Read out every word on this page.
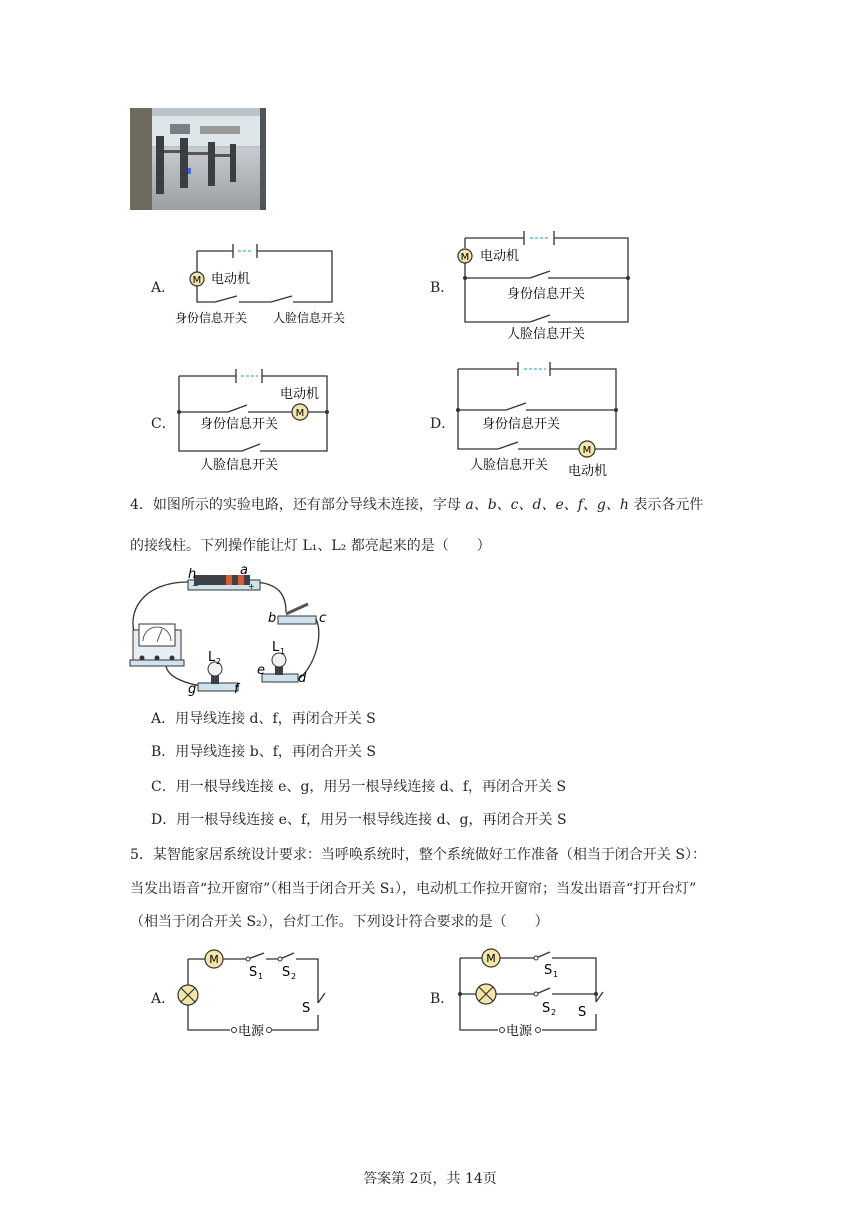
A． M 电动机
身份信息开关 人脸信息开关
B．
M 电动机
身份信息开关
人脸信息开关
C．
M
电动机
身份信息开关
人脸信息开关
D．
M
电动机
身份信息开关
人脸信息开关
4．如图所示的实验电路，还有部分导线未连接，字母 a、b、c、d、e、f、g、h 表示各元件
的接线柱。下列操作能让灯 L₁、L₂ 都亮起来的是（　　）
h	a
−	+
b	c
L 1
e
d
L 2
g	f
A．用导线连接 d、f，再闭合开关 S
B．用导线连接 b、f，再闭合开关 S
C．用一根导线连接 e、g，用另一根导线连接 d、f，再闭合开关 S
D．用一根导线连接 e、f，用另一根导线连接 d、g，再闭合开关 S
5．某智能家居系统设计要求：当呼唤系统时，整个系统做好工作准备（相当于闭合开关 S）：
当发出语音“拉开窗帘”（相当于闭合开关 S₁），电动机工作拉开窗帘；当发出语音“打开台灯”
（相当于闭合开关 S₂），台灯工作。下列设计符合要求的是（　　）
A．
M
S 1 S 2
S
电源
B．
M
S 1
S 2 S
电源
答案第 2页，共 14页
